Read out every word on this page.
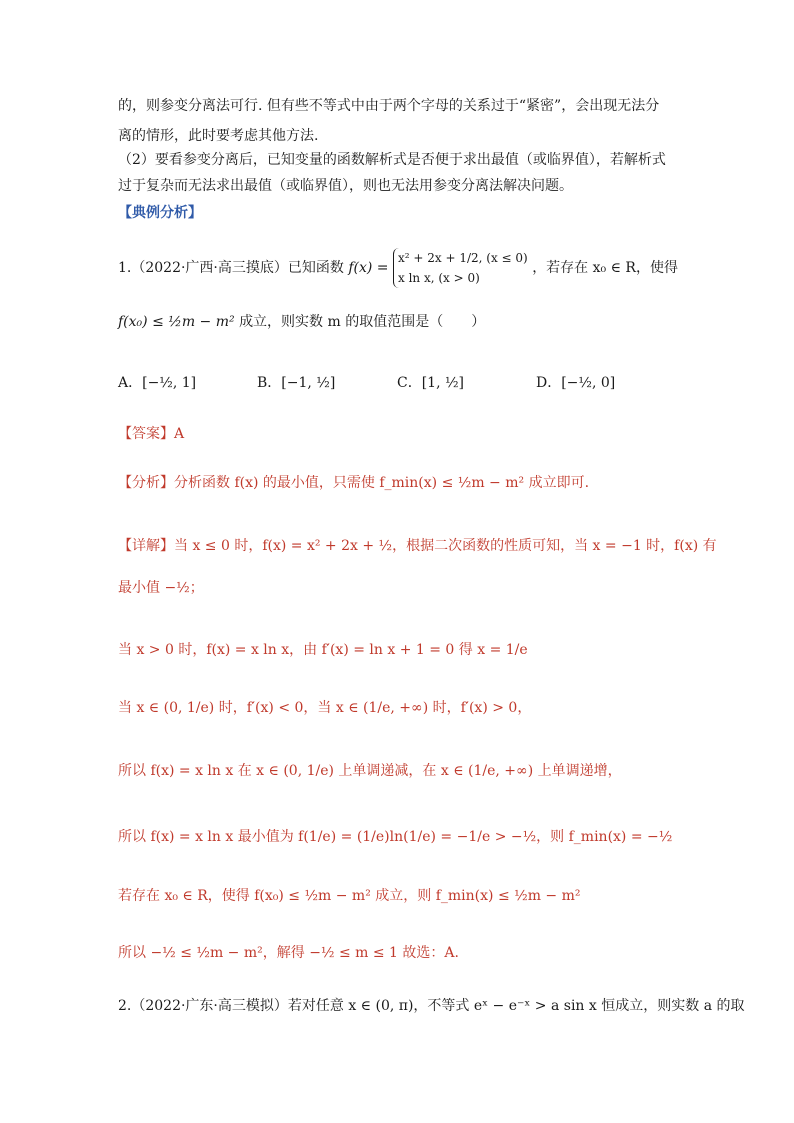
的，则参变分离法可行. 但有些不等式中由于两个字母的关系过于“紧密”，会出现无法分
离的情形，此时要考虑其他方法.
（2）要看参变分离后，已知变量的函数解析式是否便于求出最值（或临界值），若解析式
过于复杂而无法求出最值（或临界值），则也无法用参变分离法解决问题。
【典例分析】
1.（2022·广西·高三摸底）已知函数 f(x) =
x² + 2x + 1/2, (x ≤ 0)
x ln x, (x > 0)
，若存在 x₀ ∈ R，使得
f(x₀) ≤ ½m − m² 成立，则实数 m 的取值范围是（　　）
A．[−½, 1]	B．[−1, ½]	C．[1, ½]	D．[−½, 0]
【答案】A
【分析】分析函数 f(x) 的最小值，只需使 f_min(x) ≤ ½m − m² 成立即可.
【详解】当 x ≤ 0 时，f(x) = x² + 2x + ½，根据二次函数的性质可知，当 x = −1 时，f(x) 有
最小值 −½；
当 x > 0 时，f(x) = x ln x，由 f′(x) = ln x + 1 = 0 得 x = 1/e
当 x ∈ (0, 1/e) 时，f′(x) < 0，当 x ∈ (1/e, +∞) 时，f′(x) > 0，
所以 f(x) = x ln x 在 x ∈ (0, 1/e) 上单调递减，在 x ∈ (1/e, +∞) 上单调递增，
所以 f(x) = x ln x 最小值为 f(1/e) = (1/e)ln(1/e) = −1/e > −½，则 f_min(x) = −½
若存在 x₀ ∈ R，使得 f(x₀) ≤ ½m − m² 成立，则 f_min(x) ≤ ½m − m²
所以 −½ ≤ ½m − m²，解得 −½ ≤ m ≤ 1 故选：A.
2.（2022·广东·高三模拟）若对任意 x ∈ (0, π)，不等式 eˣ − e⁻ˣ > a sin x 恒成立，则实数 a 的取
